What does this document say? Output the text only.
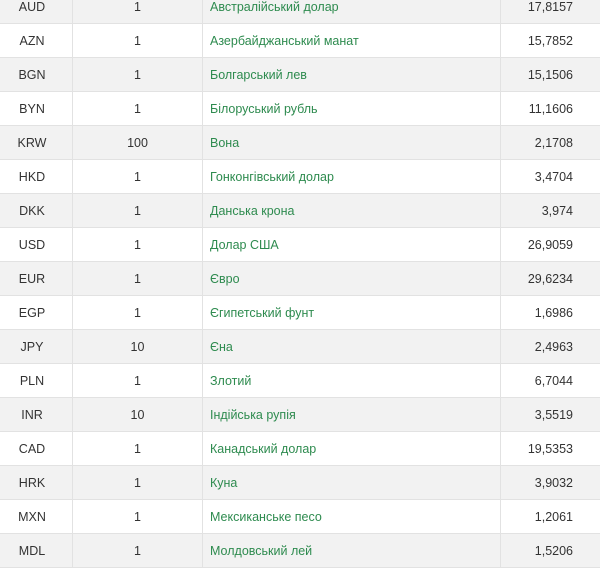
AUD	1	Австралійський долар	17,8157
AZN	1	Азербайджанський манат	15,7852
BGN	1	Болгарський лев	15,1506
BYN	1	Білоруський рубль	11,1606
KRW	100	Вона	2,1708
HKD	1	Гонконгівський долар	3,4704
DKK	1	Данська крона	3,974
USD	1	Долар США	26,9059
EUR	1	Євро	29,6234
EGP	1	Єгипетський фунт	1,6986
JPY	10	Єна	2,4963
PLN	1	Злотий	6,7044
INR	10	Індійська рупія	3,5519
CAD	1	Канадський долар	19,5353
HRK	1	Куна	3,9032
MXN	1	Мексиканське песо	1,2061
MDL	1	Молдовський лей	1,5206
